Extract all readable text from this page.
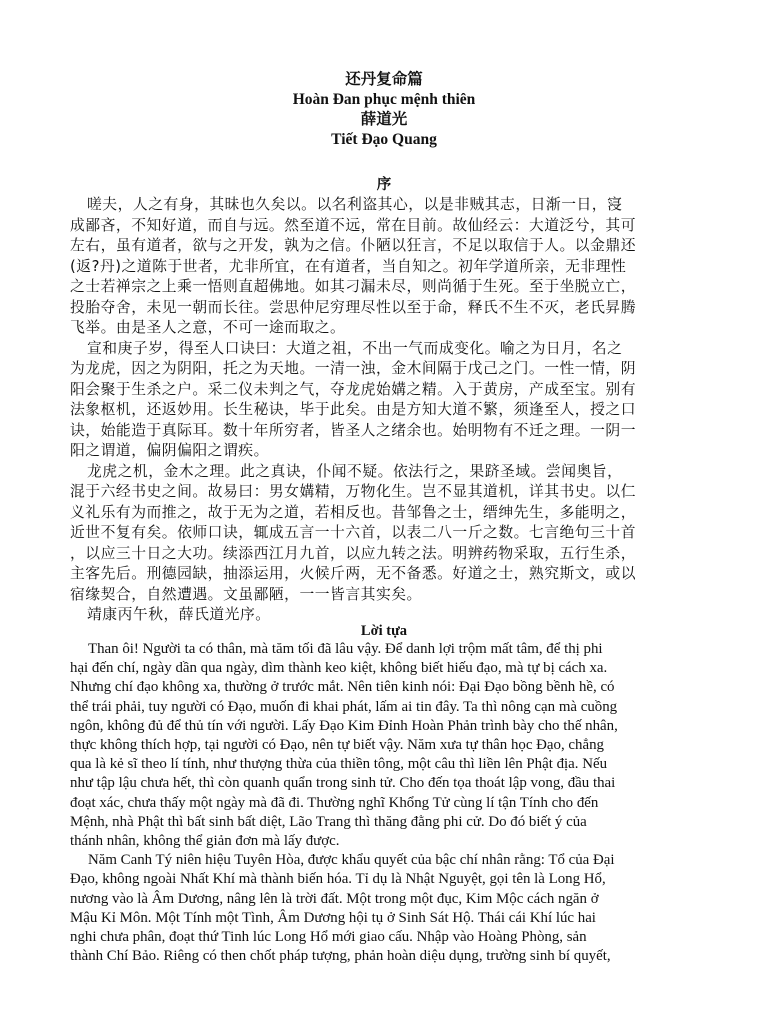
还丹复命篇
Hoàn Đan phục mệnh thiên
薛道光
Tiết Đạo Quang
序
嗟夫，人之有身，其昧也久矣以。以名利盗其心，以是非贼其志，日渐一日，寖
成鄙吝，不知好道，而自与远。然至道不远，常在目前。故仙经云：大道泛兮，其可
左右，虽有道者，欲与之开发，孰为之信。仆陋以狂言，不足以取信于人。以金鼎还
(返?丹)之道陈于世者，尤非所宜，在有道者，当自知之。初年学道所亲，无非理性
之士若禅宗之上乘一悟则直超佛地。如其刁漏未尽，则尚循于生死。至于坐脱立亡，
投胎夺舍，未见一朝而长往。尝思仲尼穷理尽性以至于命，释氏不生不灭，老氏昇腾
飞举。由是圣人之意，不可一途而取之。
宣和庚子岁，得至人口诀曰：大道之祖，不出一气而成变化。喻之为日月，名之
为龙虎，因之为阴阳，托之为天地。一清一浊，金木间隔于戊己之门。一性一情，阴
阳会聚于生杀之户。采二仪未判之气，夺龙虎始媾之精。入于黄房，产成至宝。别有
法象枢机，还返妙用。长生秘诀，毕于此矣。由是方知大道不繁，须逢至人，授之口
诀，始能造于真际耳。数十年所穷者，皆圣人之绪余也。始明物有不迁之理。一阴一
阳之谓道，偏阴偏阳之谓疾。
龙虎之机，金木之理。此之真诀，仆闻不疑。依法行之，果跻圣域。尝闻奥旨，
混于六经书史之间。故易曰：男女媾精，万物化生。岂不显其道机，详其书史。以仁
义礼乐有为而推之，故于无为之道，若相反也。昔邹鲁之士，缙绅先生，多能明之，
近世不复有矣。依师口诀，辄成五言一十六首，以表二八一斤之数。七言绝句三十首
，以应三十日之大功。续添西江月九首，以应九转之法。明辨药物采取，五行生杀，
主客先后。刑德园缺，抽添运用，火候斤两，无不备悉。好道之士，熟究斯文，或以
宿缘契合，自然遭遇。文虽鄙陋，一一皆言其实矣。
靖康丙午秋，薛氏道光序。
Lời tựa
Than ôi! Người ta có thân, mà tăm tối đã lâu vậy. Để danh lợi trộm mất tâm, để thị phi
hại đến chí, ngày dần qua ngày, dìm thành keo kiệt, không biết hiếu đạo, mà tự bị cách xa.
Nhưng chí đạo không xa, thường ở trước mắt. Nên tiên kinh nói: Đại Đạo bồng bềnh hề, có
thể trái phải, tuy người có Đạo, muốn đi khai phát, lấm ai tin đây. Ta thì nông cạn mà cuồng
ngôn, không đủ để thủ tín với người. Lấy Đạo Kim Đỉnh Hoàn Phản trình bày cho thế nhân,
thực không thích hợp, tại người có Đạo, nên tự biết vậy. Năm xưa tự thân học Đạo, chẳng
qua là kẻ sĩ theo lí tính, như thượng thừa của thiền tông, một câu thì liền lên Phật địa. Nếu
như tập lậu chưa hết, thì còn quanh quẩn trong sinh tử. Cho đến tọa thoát lập vong, đầu thai
đoạt xác, chưa thấy một ngày mà đã đi. Thường nghĩ Khổng Tử cùng lí tận Tính cho đến
Mệnh, nhà Phật thì bất sinh bất diệt, Lão Trang thì thăng đằng phi cử. Do đó biết ý của
thánh nhân, không thể giản đơn mà lấy được.
Năm Canh Tý niên hiệu Tuyên Hòa, được khẩu quyết của bậc chí nhân rằng: Tổ của Đại
Đạo, không ngoài Nhất Khí mà thành biến hóa. Tỉ dụ là Nhật Nguyệt, gọi tên là Long Hổ,
nương vào là Âm Dương, nâng lên là trời đất. Một trong một đục, Kim Mộc cách ngăn ở
Mậu Kỉ Môn. Một Tính một Tình, Âm Dương hội tụ ở Sinh Sát Hộ. Thái cái Khí lúc hai
nghi chưa phân, đoạt thứ Tinh lúc Long Hổ mới giao cấu. Nhập vào Hoàng Phòng, sản
thành Chí Bảo. Riêng có then chốt pháp tượng, phản hoàn diệu dụng, trường sinh bí quyết,
